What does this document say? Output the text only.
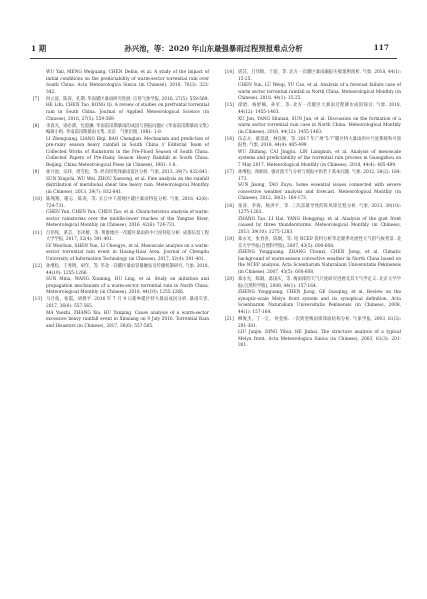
1 期	孙兴池，等：2020 年山东最强暴雨过程预报难点分析	117
WU Yali, MENG Weiguang, CHEN Debin, et al. A study of the impact of initial conditions on the predictability of warm-sector torrential rain over South China. Acta Meteorologica Sinica (in Chinese), 2018, 76(3): 323-342.
[7] 何立富，陈涛，孔期. 华南暖区暴雨研究进展. 应用气象学报, 2016, 27(5): 559-569.
HE Lifu, CHEN Tao, KONG Qi. A review of studies on prefrontal torrential rain in South China. Journal of Applied Meteorological Science (in Chinese), 2016, 27(5): 559-569.
[8] 李真光，梁必骐，包澄澜. 华南前汛期暴雨的成因与预报问题//《华南前汛期暴雨文集》编辑小组. 华南前汛期暴雨文集. 北京：气象出版, 1981: 1-8.
LI Zhenguang, LIANG Biqi, BAO Chenglan. Mechanism and prediction of pre-rainy season heavy rainfall in South China // Editorial Team of Collected Works of Rainstorm in the Pre-Flood Season of South China. Collected Papers of Pre-Rainy Season Heavy Rainfall in South China. Beijing: China Meteorological Press (in Chinese), 1981: 1-8.
[9] 孙兴池，吴炜，周雪松，等. 经向切变线暴雨落区分析. 气象, 2013, 39(7): 832-841.
SUN Xingchi, WU Wei, ZHOU Xuesong, et al. Fine analysis on the rainfall distribution of meridional shear line heavy rain. Meteorological Monthly (in Chinese), 2013, 39(7): 832-841.
[10] 陈翔翔，谢志，陈涛，等. 长江中下游地区暖区暴雨特征分析. 气象, 2016, 42(6): 724-731.
CHEN Yun, CHEN Yun, CHEN Tao, et al. Characteristics analysis of warm-sector rainstorms over the middle-lower reaches of the Yangtze River. Meteorological Monthly (in Chinese), 2016, 42(6): 724-731.
[11] 吕伟纯，谌芸，李泽椿，等. 黄淮地区一次暖区暴雨的中尺度特征分析. 成都信息工程大学学报, 2017, 32(4): 391-401.
LV Weichun, SHEN Yun, LI Chengyu, et al. Mesoscale analysis on a warm-sector torrential rain event in Huang-Huai Area. Journal of Chengdu University of Information Technology (in Chinese), 2017, 32(4): 391-401.
[12] 孙继松，王秀明，胡年，等. 华北一次暖区暴雨冒暴触发及传播机制研究. 气象, 2018, 44(10): 1255-1266.
SUN Mina, WANG Xiuming, HU Ling, et al. Study on initiation and propagation mechanism of a warm-sector torrential rain in North China. Meteorological Monthly (in Chinese), 2018, 44(10): 1255-1266.
[13] 马月枝，张霞，胡燕平. 2016 年 7 月 9 日新乡暖区特大暴雨成因分析. 暴雨灾害, 2017, 36(6): 557-565.
MA Yuezhi, ZHANG Xia, HU Yanping. Cause analysis of a warm-sector excessive heavy rainfall event in Xinxiang on 9 July 2016. Torrential Rain and Disasters (in Chinese), 2017, 36(6): 557-565.
[14] 谌芸，吕伟绮，于超，等. 北方一次暖区暴雨漏报失败案例剖析. 气象, 2018, 44(1): 15-25.
CHEN Yun, LÜ Weiqi, YU Cao, et al. Analysis of a forecast failure case of warm sector torrential rainfall in North China. Meteorological Monthly (in Chinese), 2018, 44(1): 15-25.
[15] 徐珺，杨舒楠，孙军，等. 北方一次暖区大暴雨过程降水成因探讨. 气象, 2018, 44(12): 1455-1463.
XU Jun, YANG Shunan, SUN Jun, et al. Discussion on the formation of a warm sector torrential rain case in North China. Meteorological Monthly (in Chinese), 2018, 44(12): 1455-1463.
[16] 伍志方，蔡景就，林良勋，等. 2017 年广州“5·7”暖区特大暴雨的中尺度系统和可预报性. 气象, 2018, 44(4): 485-499.
WU Zhifang, CAI Jingjiu, LIN Liangxun, et al. Analysis of mesoscale systems and predictability of the torrential rain process in Guangzhou on 7 May 2017. Meteorological Monthly (in Chinese), 2018, 44(4): 485-499.
[17] 孙继松，陶祖钰. 强对流天气分析与预报中的若干基本问题. 气象, 2012, 38(2): 164-173.
SUN Jisong, TAO Zuyu. Some essential issues connected with severe convective weather analysis and forecast. Meteorological Monthly (in Chinese), 2012, 38(2): 164-173.
[18] 张涛，李海，杨洪平，等. 三次雷暴导致的阵风锋过程分析. 气象, 2013, 39(10): 1275-1283.
ZHANG Tao, LI Hai, YANG Hongping, et al. Analysis of the gust front caused by three thunderstorms. Meteorological Monthly (in Chinese), 2013, 39(10): 1275-1283.
[19] 郑永光，张春喜，陈炯，等. 用 NCEP 资料分析华北暖季对流性天气的气候背景. 北京大学学报(自然科学版), 2007, 43(5): 600-608.
ZHENG Yongguang, ZHANG Chunxi, CHEN Jiong, et al. Climatic background of warm-season convective weather in North China based on the NCEP analysis. Acta Scientiarum Naturalium Universitatis Pekinensis (in Chinese), 2007, 43(5): 600-608.
[20] 郑永光，陈炯，葛国庆，等. 梅雨锋的天气尺度研究进展及其天气学定义. 北京大学学报(自然科学版), 2008, 44(1): 157-164.
ZHENG Yongguang, CHEN Jiong, GE Guoqing, et al. Review on the synoptic-scale Meiyu front system and its synoptical definition. Acta Scientiarum Naturalium Universitatis Pekinensis (in Chinese), 2008, 44(1): 157-164.
[21] 柳俊杰，丁一汇，何金海. 一次典型梅雨锋锋面结构分析. 气象学报, 2003, 61(3): 291-301.
LIU Junjie, DING Yihui, HE Jinhai. The structure analysis of a typical Meiyu front. Acta Meteorologica Sinica (in Chinese), 2003, 61(3): 291-301.
